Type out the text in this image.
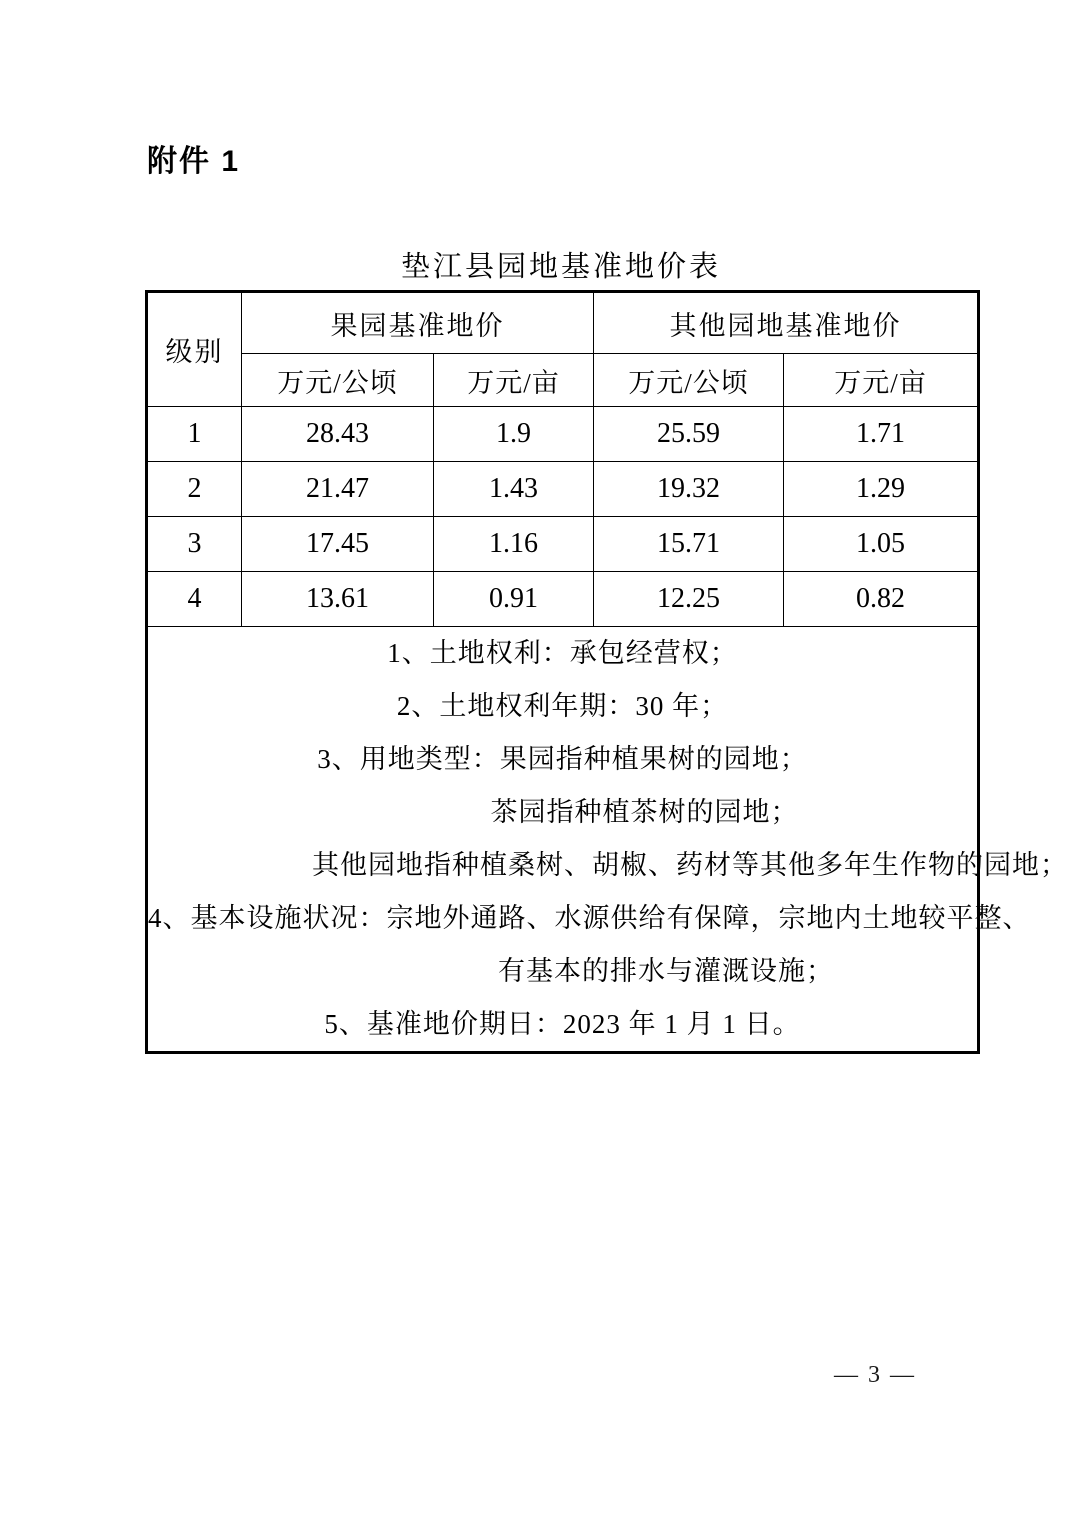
附件 1
垫江县园地基准地价表
级别	果园基准地价		其他园地基准地价	
	万元/公顷	万元/亩	万元/公顷	万元/亩
1	28.43	1.9	25.59	1.71
2	21.47	1.43	19.32	1.29
3	17.45	1.16	15.71	1.05
4	13.61	0.91	12.25	0.82

1、土地权利：承包经营权；
2、土地权利年期：30 年；
3、用地类型：果园指种植果树的园地；
茶园指种植茶树的园地；
其他园地指种植桑树、胡椒、药材等其他多年生作物的园地；
4、基本设施状况：宗地外通路、水源供给有保障，宗地内土地较平整、
有基本的排水与灌溉设施；
5、基准地价期日：2023 年 1 月 1 日。
— 3 —
